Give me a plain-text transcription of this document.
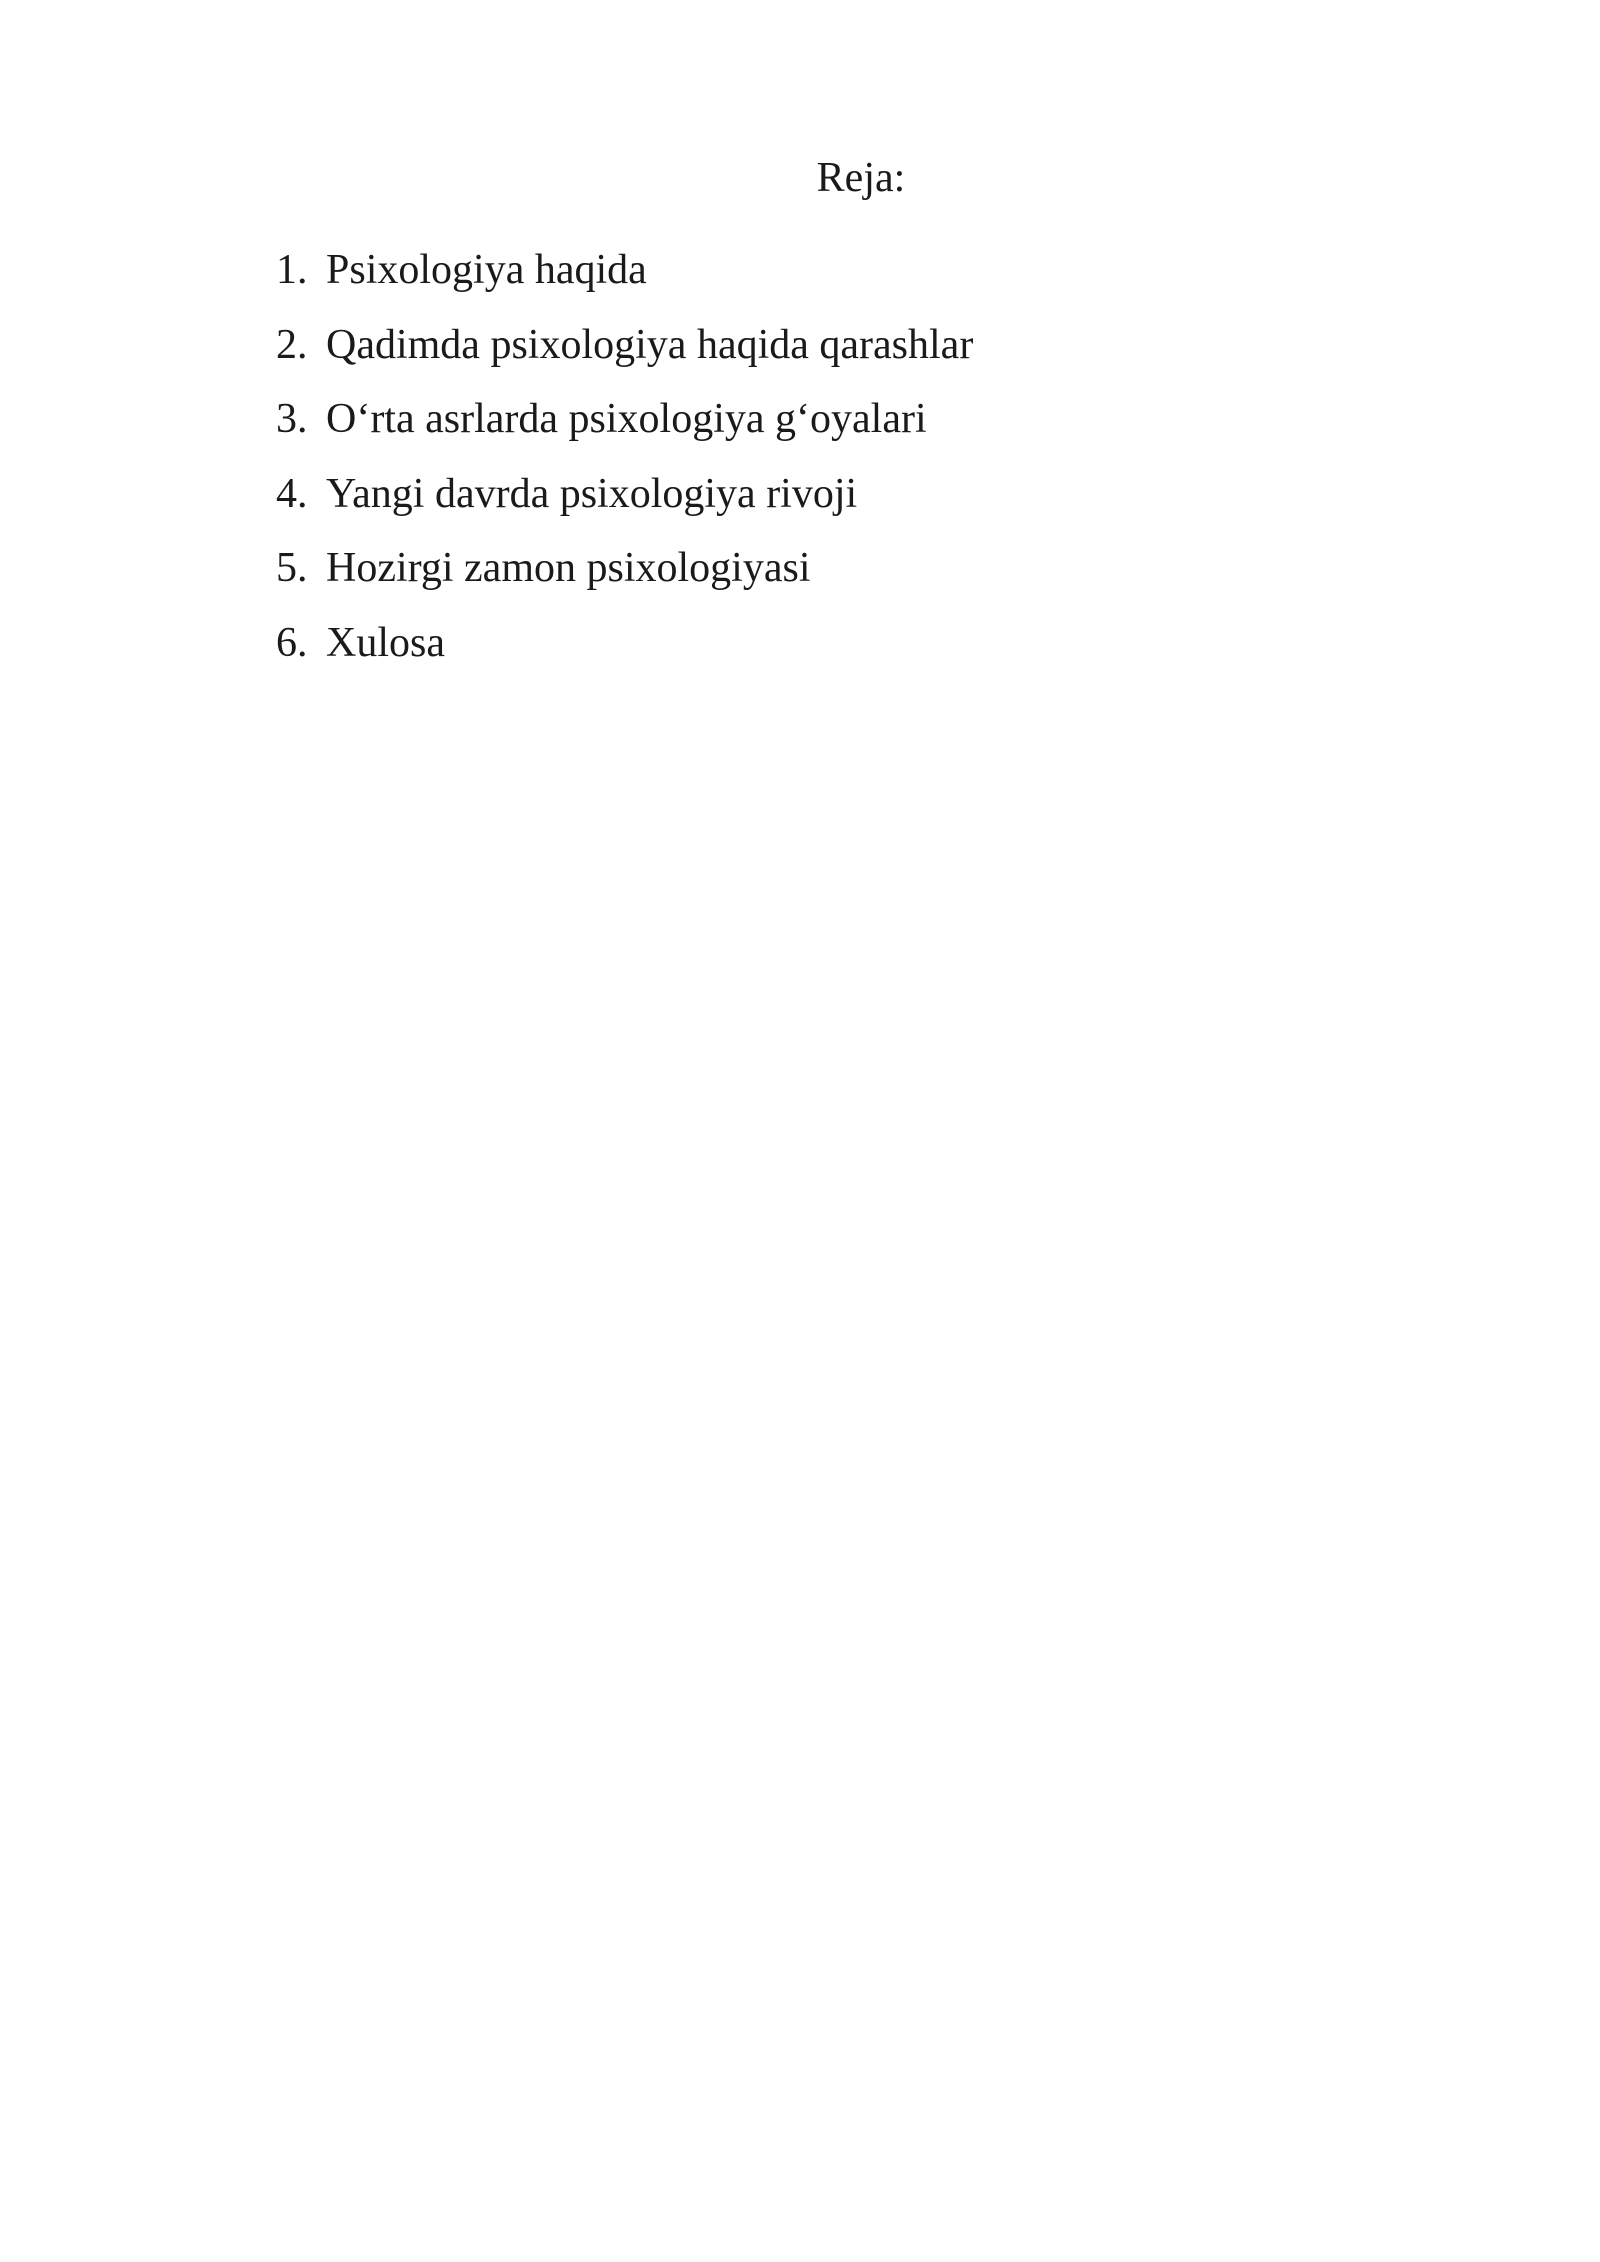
Reja:
1. Psixologiya haqida
2. Qadimda psixologiya haqida qarashlar
3. O‘rta asrlarda psixologiya g‘oyalari
4. Yangi davrda psixologiya rivoji
5. Hozirgi zamon psixologiyasi
6. Xulosa
